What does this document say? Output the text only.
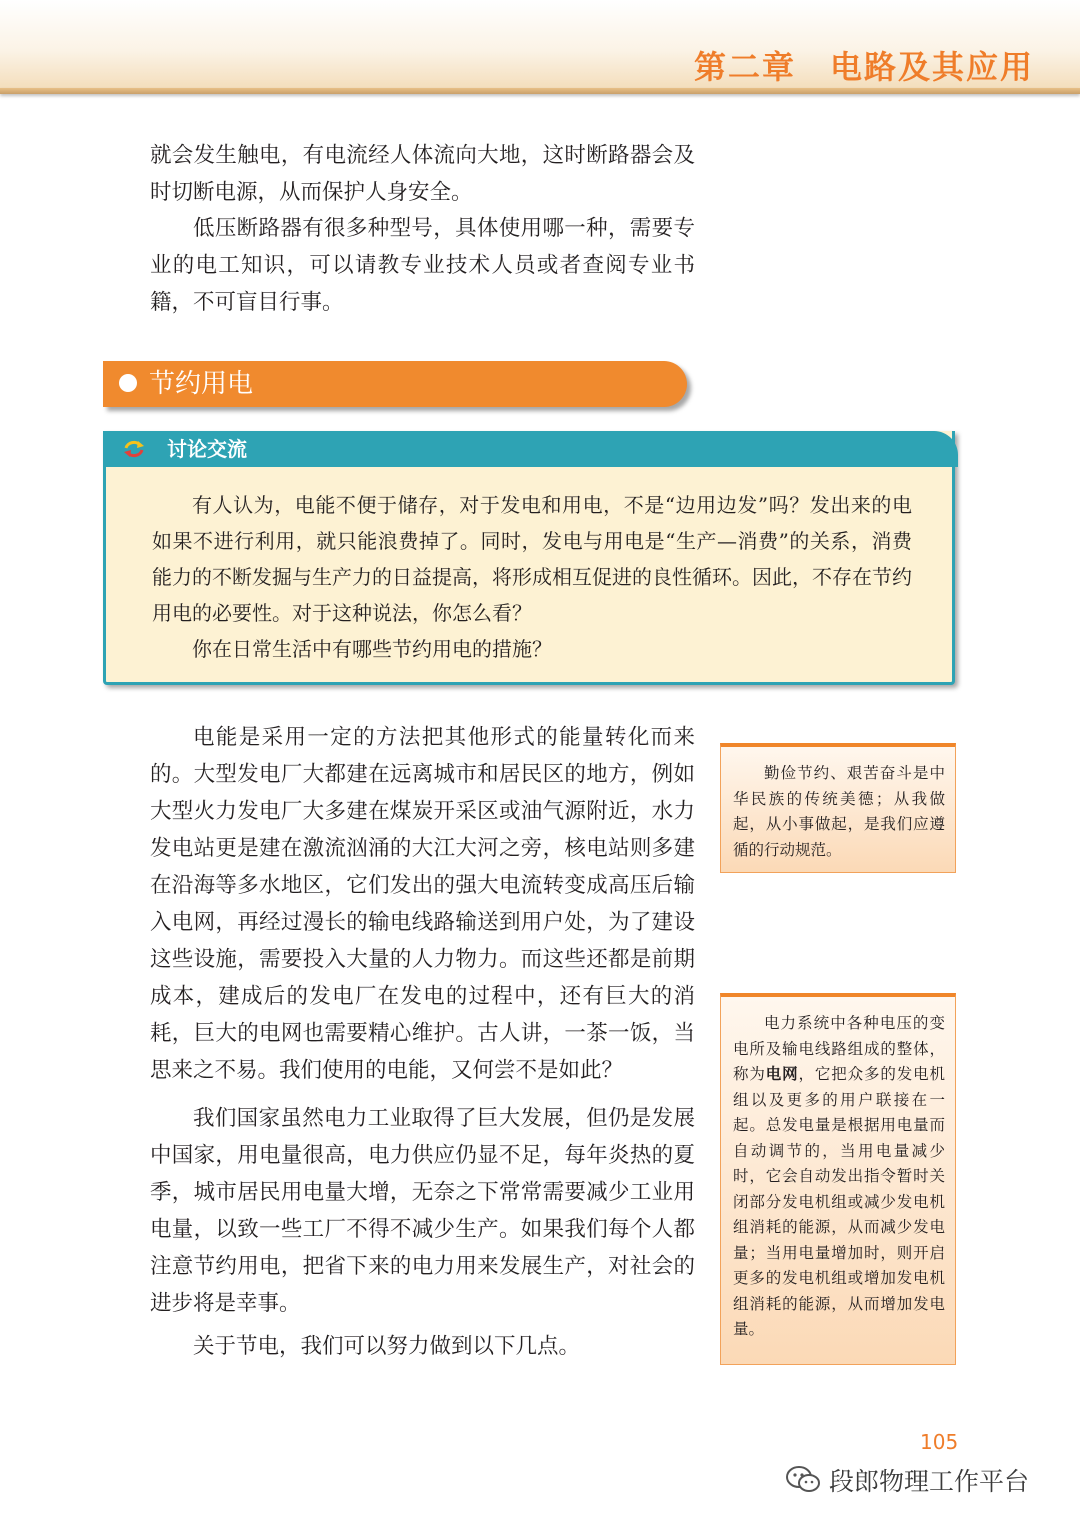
第二章　电路及其应用

就会发生触电，有电流经人体流向大地，这时断路器会及时切断电源，从而保护人身安全。

低压断路器有很多种型号，具体使用哪一种，需要专业的电工知识，可以请教专业技术人员或者查阅专业书籍，不可盲目行事。

节约用电
讨论交流

有人认为，电能不便于储存，对于发电和用电，不是“边用边发”吗？发出来的电如果不进行利用，就只能浪费掉了。同时，发电与用电是“生产—消费”的关系，消费能力的不断发掘与生产力的日益提高，将形成相互促进的良性循环。因此，不存在节约用电的必要性。对于这种说法，你怎么看？

你在日常生活中有哪些节约用电的措施？

电能是采用一定的方法把其他形式的能量转化而来的。大型发电厂大都建在远离城市和居民区的地方，例如大型火力发电厂大多建在煤炭开采区或油气源附近，水力发电站更是建在激流汹涌的大江大河之旁，核电站则多建在沿海等多水地区，它们发出的强大电流转变成高压后输入电网，再经过漫长的输电线路输送到用户处，为了建设这些设施，需要投入大量的人力物力。而这些还都是前期成本，建成后的发电厂在发电的过程中，还有巨大的消耗，巨大的电网也需要精心维护。古人讲，一茶一饭，当思来之不易。我们使用的电能，又何尝不是如此？

我们国家虽然电力工业取得了巨大发展，但仍是发展中国家，用电量很高，电力供应仍显不足，每年炎热的夏季，城市居民用电量大增，无奈之下常常需要减少工业用电量，以致一些工厂不得不减少生产。如果我们每个人都注意节约用电，把省下来的电力用来发展生产，对社会的进步将是幸事。

关于节电，我们可以努力做到以下几点。

勤俭节约、艰苦奋斗是中华民族的传统美德；从我做起，从小事做起，是我们应遵循的行动规范。
电力系统中各种电压的变电所及输电线路组成的整体，称为电网，它把众多的发电机组以及更多的用户联接在一起。总发电量是根据用电量而自动调节的，当用电量减少时，它会自动发出指令暂时关闭部分发电机组或减少发电机组消耗的能源，从而减少发电量；当用电量增加时，则开启更多的发电机组或增加发电机组消耗的能源，从而增加发电量。
105
段郎物理工作平台
